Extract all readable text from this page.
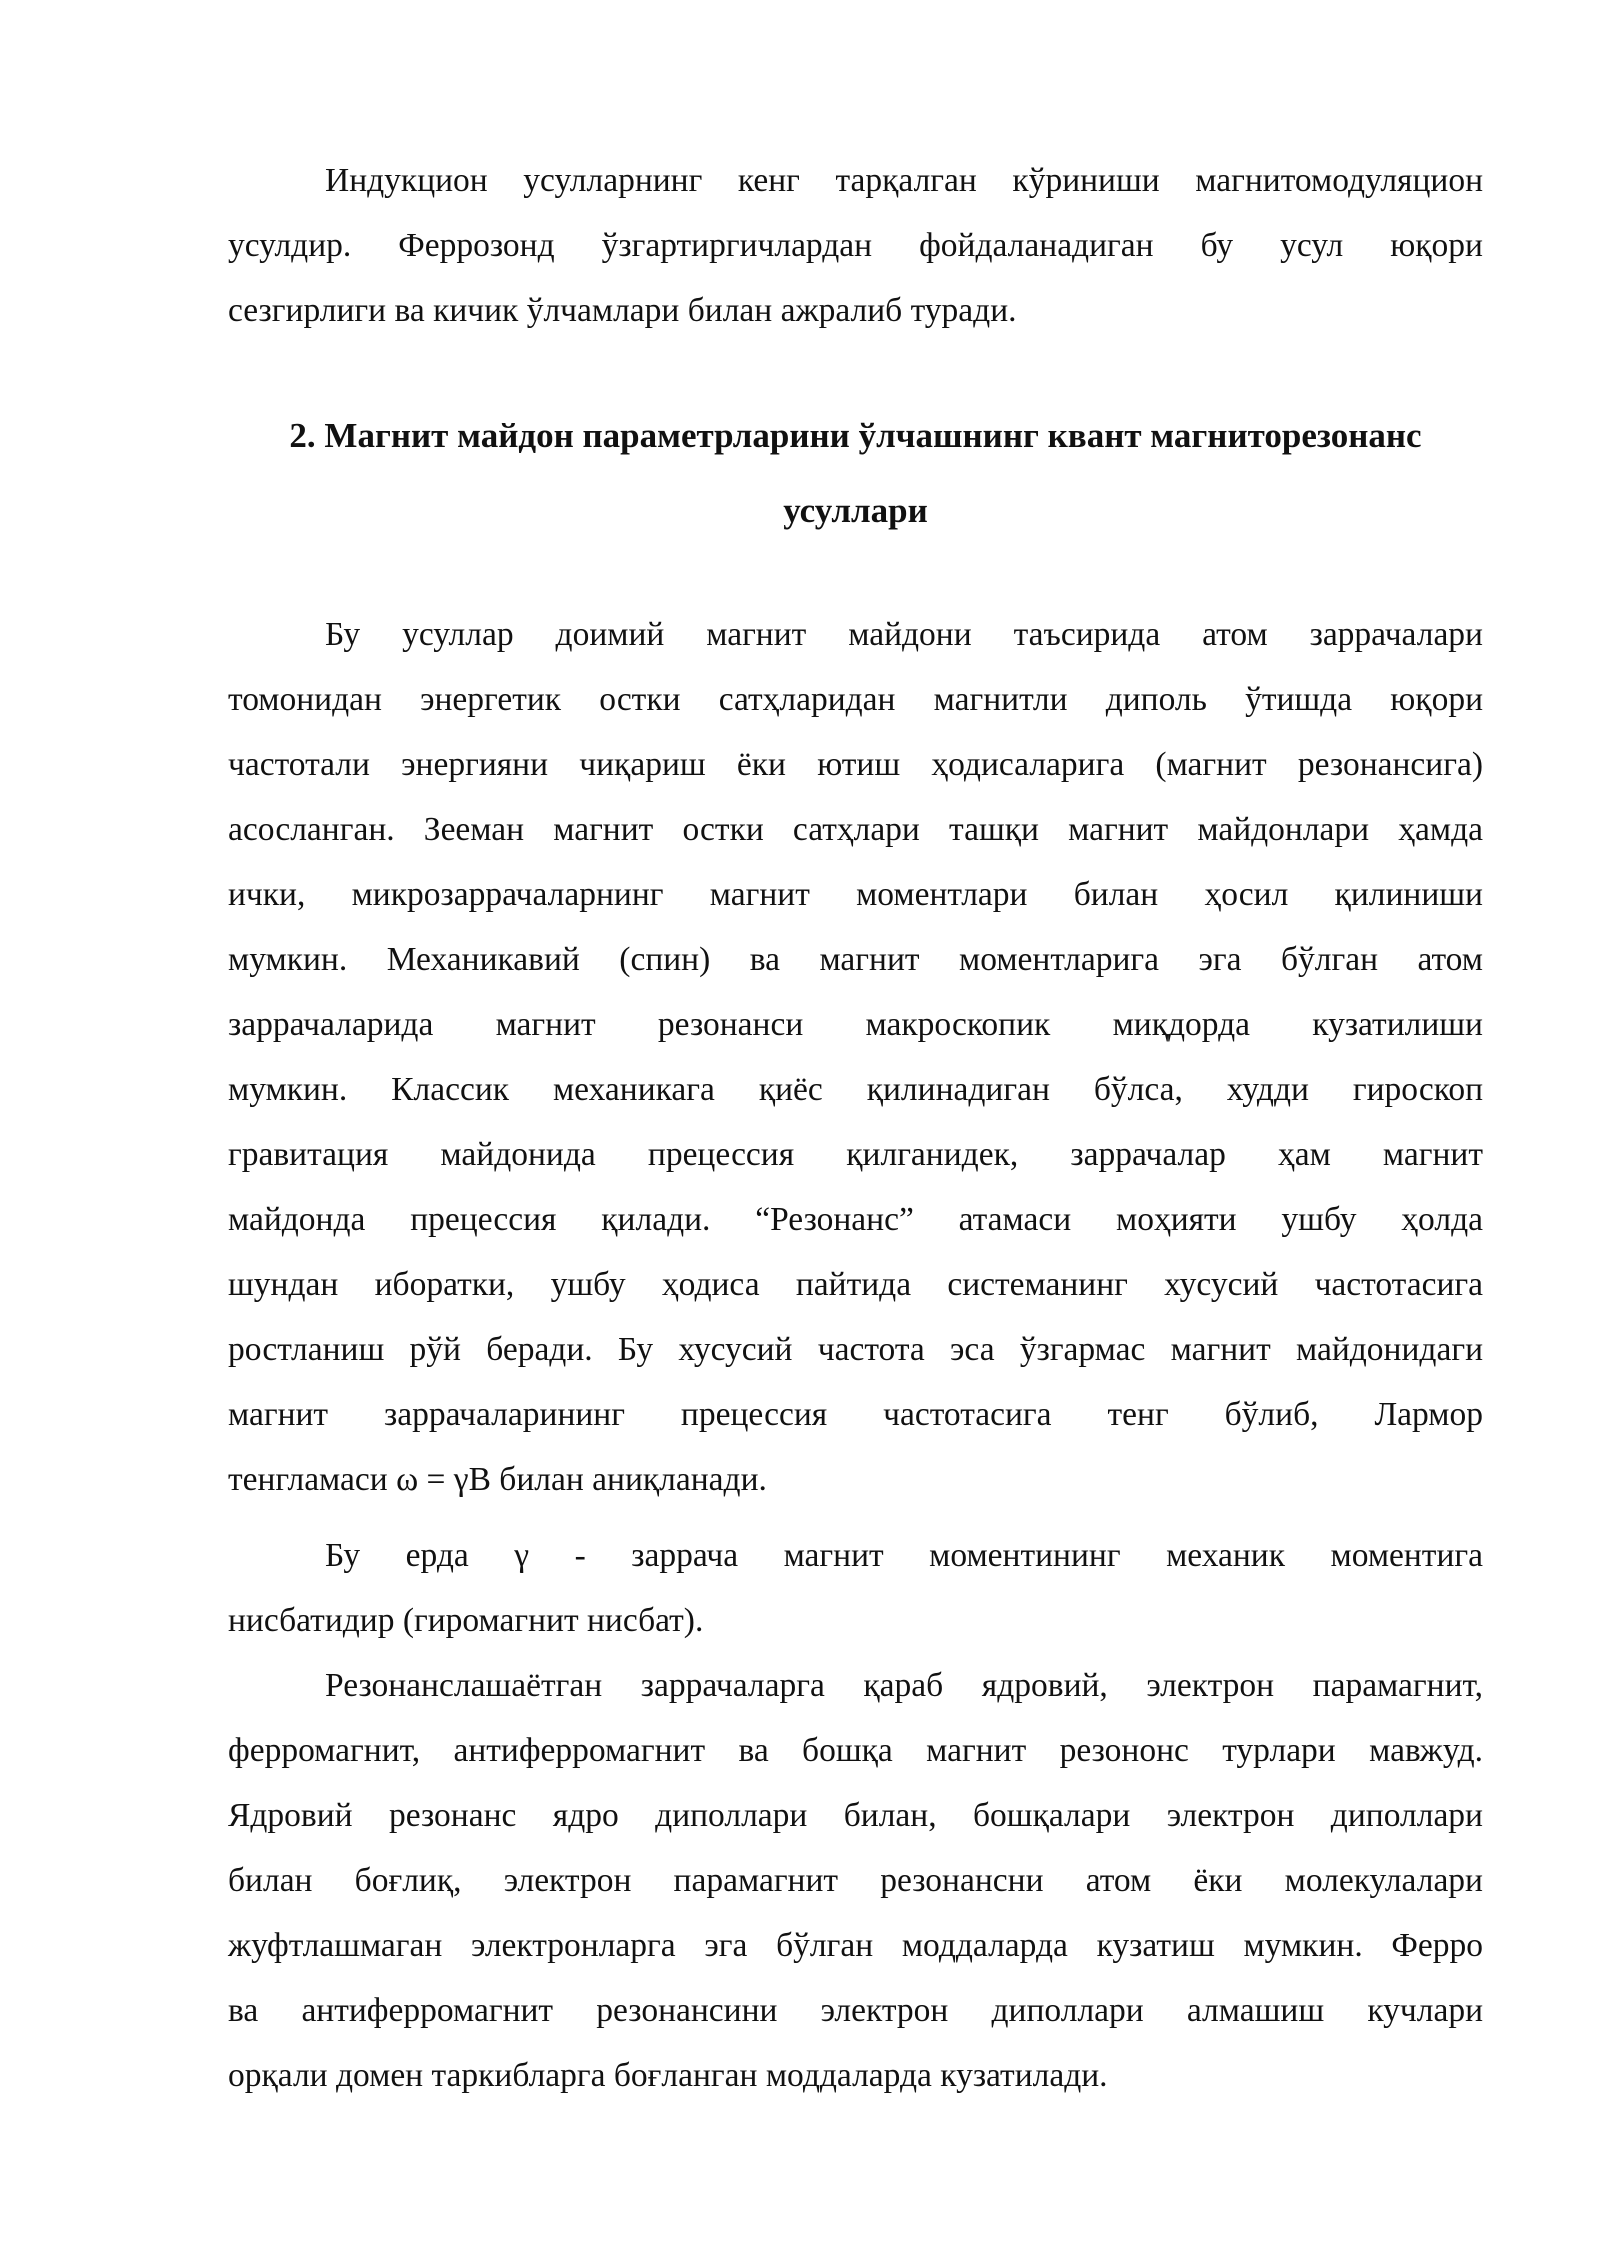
Индукцион усулларнинг кенг тарқалган кўриниши магнитомодуляцион
усулдир. Феррозонд ўзгартиргичлардан фойдаланадиган бу усул юқори
сезгирлиги ва кичик ўлчамлари билан ажралиб туради.
2. Магнит майдон параметрларини ўлчашнинг квант магниторезонанс
усуллари
Бу усуллар доимий магнит майдони таъсирида атом заррачалари
томонидан энергетик остки сатҳларидан магнитли диполь ўтишда юқори
частотали энергияни чиқариш ёки ютиш ҳодисаларига (магнит резонансига)
асосланган. Зееман магнит остки сатҳлари ташқи магнит майдонлари ҳамда
ички, микрозаррачаларнинг магнит моментлари билан ҳосил қилиниши
мумкин. Механикавий (спин) ва магнит моментларига эга бўлган атом
заррачаларида магнит резонанси макроскопик миқдорда кузатилиши
мумкин. Классик механикага қиёс қилинадиган бўлса, худди гироскоп
гравитация майдонида прецессия қилганидек, заррачалар ҳам магнит
майдонда прецессия қилади. “Резонанс” атамаси моҳияти ушбу ҳолда
шундан иборатки, ушбу ҳодиса пайтида системанинг хусусий частотасига
ростланиш рўй беради. Бу хусусий частота эса ўзгармас магнит майдонидаги
магнит заррачаларининг прецессия частотасига тенг бўлиб, Лармор
тенгламаси ω = γB билан аниқланади.
Бу ерда γ - заррача магнит моментининг механик моментига
нисбатидир (гиромагнит нисбат).
Резонанслашаётган заррачаларга қараб ядровий, электрон парамагнит,
ферромагнит, антиферромагнит ва бошқа магнит резононс турлари мавжуд.
Ядровий резонанс ядро диполлари билан, бошқалари электрон диполлари
билан боғлиқ, электрон парамагнит резонансни атом ёки молекулалари
жуфтлашмаган электронларга эга бўлган моддаларда кузатиш мумкин. Ферро
ва антиферромагнит резонансини электрон диполлари алмашиш кучлари
орқали домен таркибларга боғланган моддаларда кузатилади.
